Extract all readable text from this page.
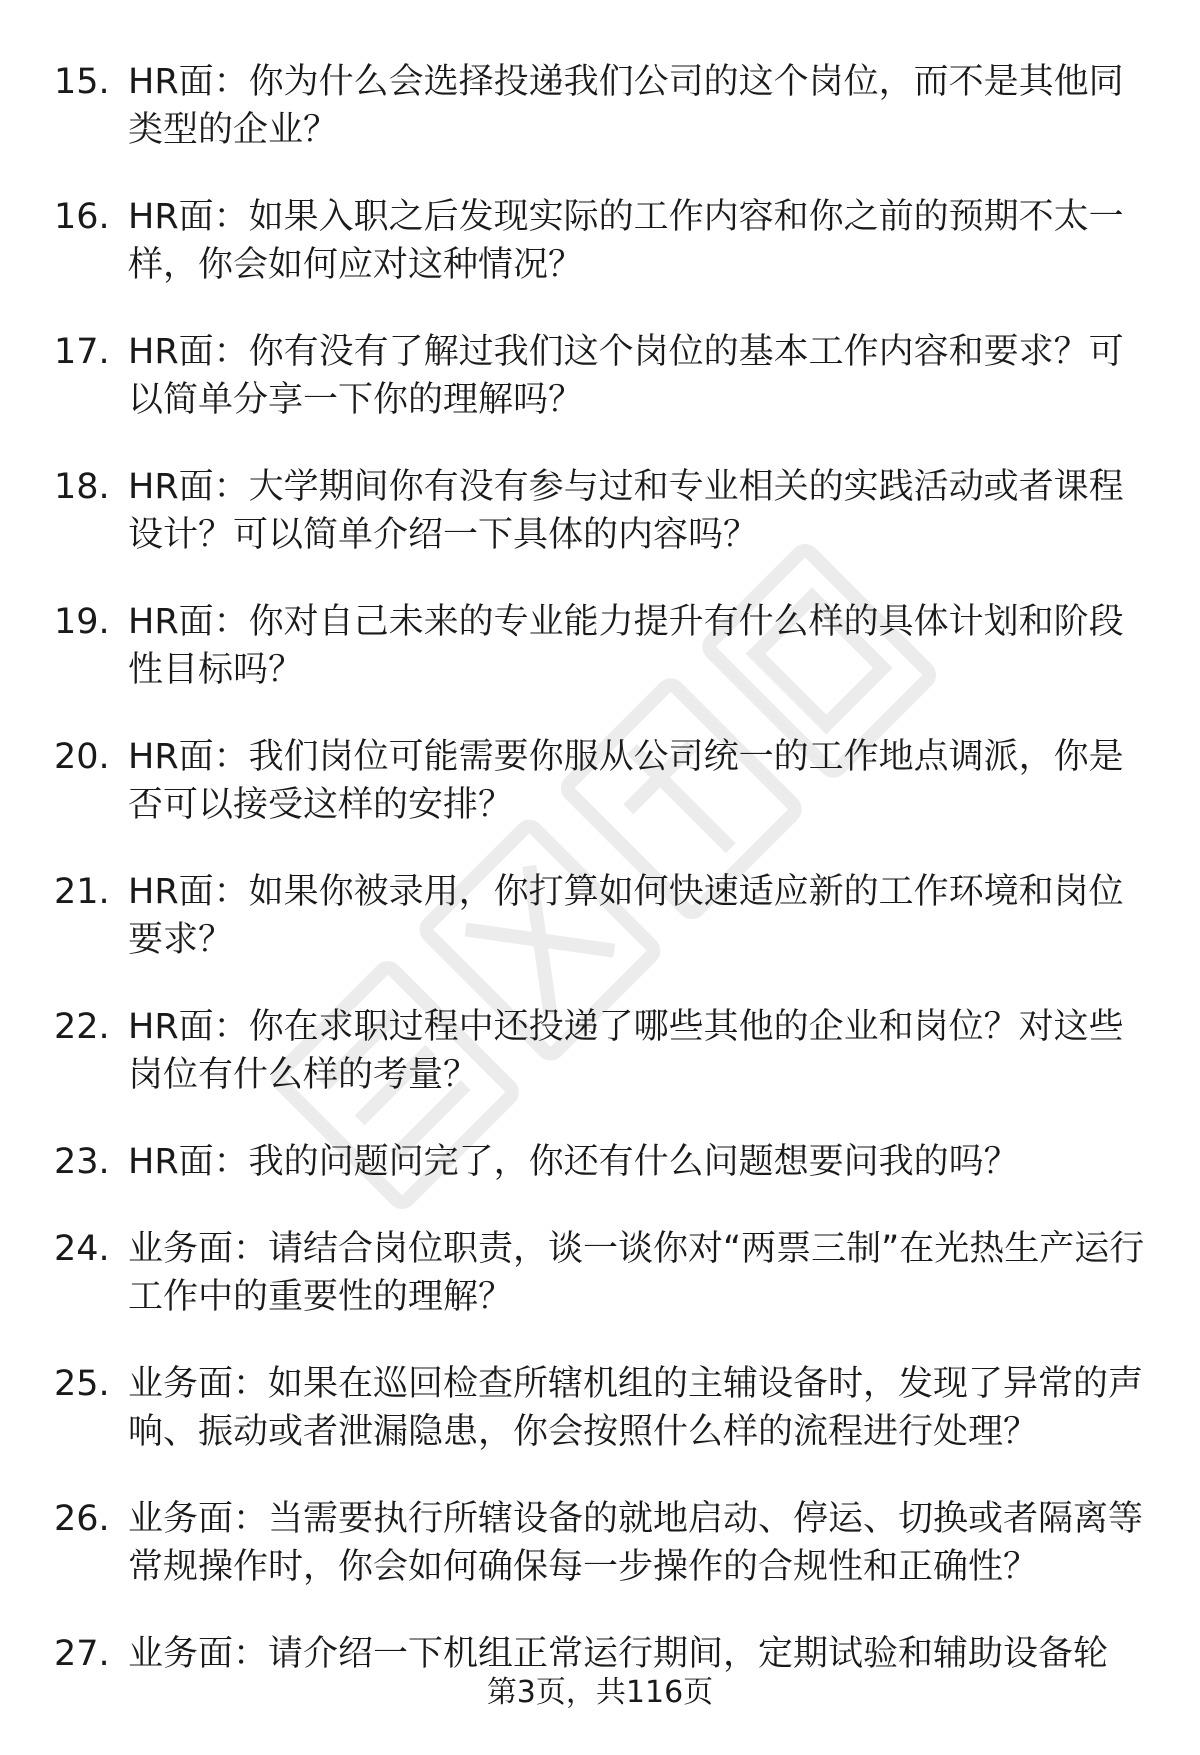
15. HR面：你为什么会选择投递我们公司的这个岗位，而不是其他同类型的企业？
16. HR面：如果入职之后发现实际的工作内容和你之前的预期不太一样，你会如何应对这种情况？
17. HR面：你有没有了解过我们这个岗位的基本工作内容和要求？可以简单分享一下你的理解吗？
18. HR面：大学期间你有没有参与过和专业相关的实践活动或者课程设计？可以简单介绍一下具体的内容吗？
19. HR面：你对自己未来的专业能力提升有什么样的具体计划和阶段性目标吗？
20. HR面：我们岗位可能需要你服从公司统一的工作地点调派，你是否可以接受这样的安排？
21. HR面：如果你被录用，你打算如何快速适应新的工作环境和岗位要求？
22. HR面：你在求职过程中还投递了哪些其他的企业和岗位？对这些岗位有什么样的考量？
23. HR面：我的问题问完了，你还有什么问题想要问我的吗？
24. 业务面：请结合岗位职责，谈一谈你对“两票三制”在光热生产运行工作中的重要性的理解？
25. 业务面：如果在巡回检查所辖机组的主辅设备时，发现了异常的声响、振动或者泄漏隐患，你会按照什么样的流程进行处理？
26. 业务面：当需要执行所辖设备的就地启动、停运、切换或者隔离等常规操作时，你会如何确保每一步操作的合规性和正确性？
27. 业务面：请介绍一下机组正常运行期间，定期试验和辅助设备轮
第3页，共116页
